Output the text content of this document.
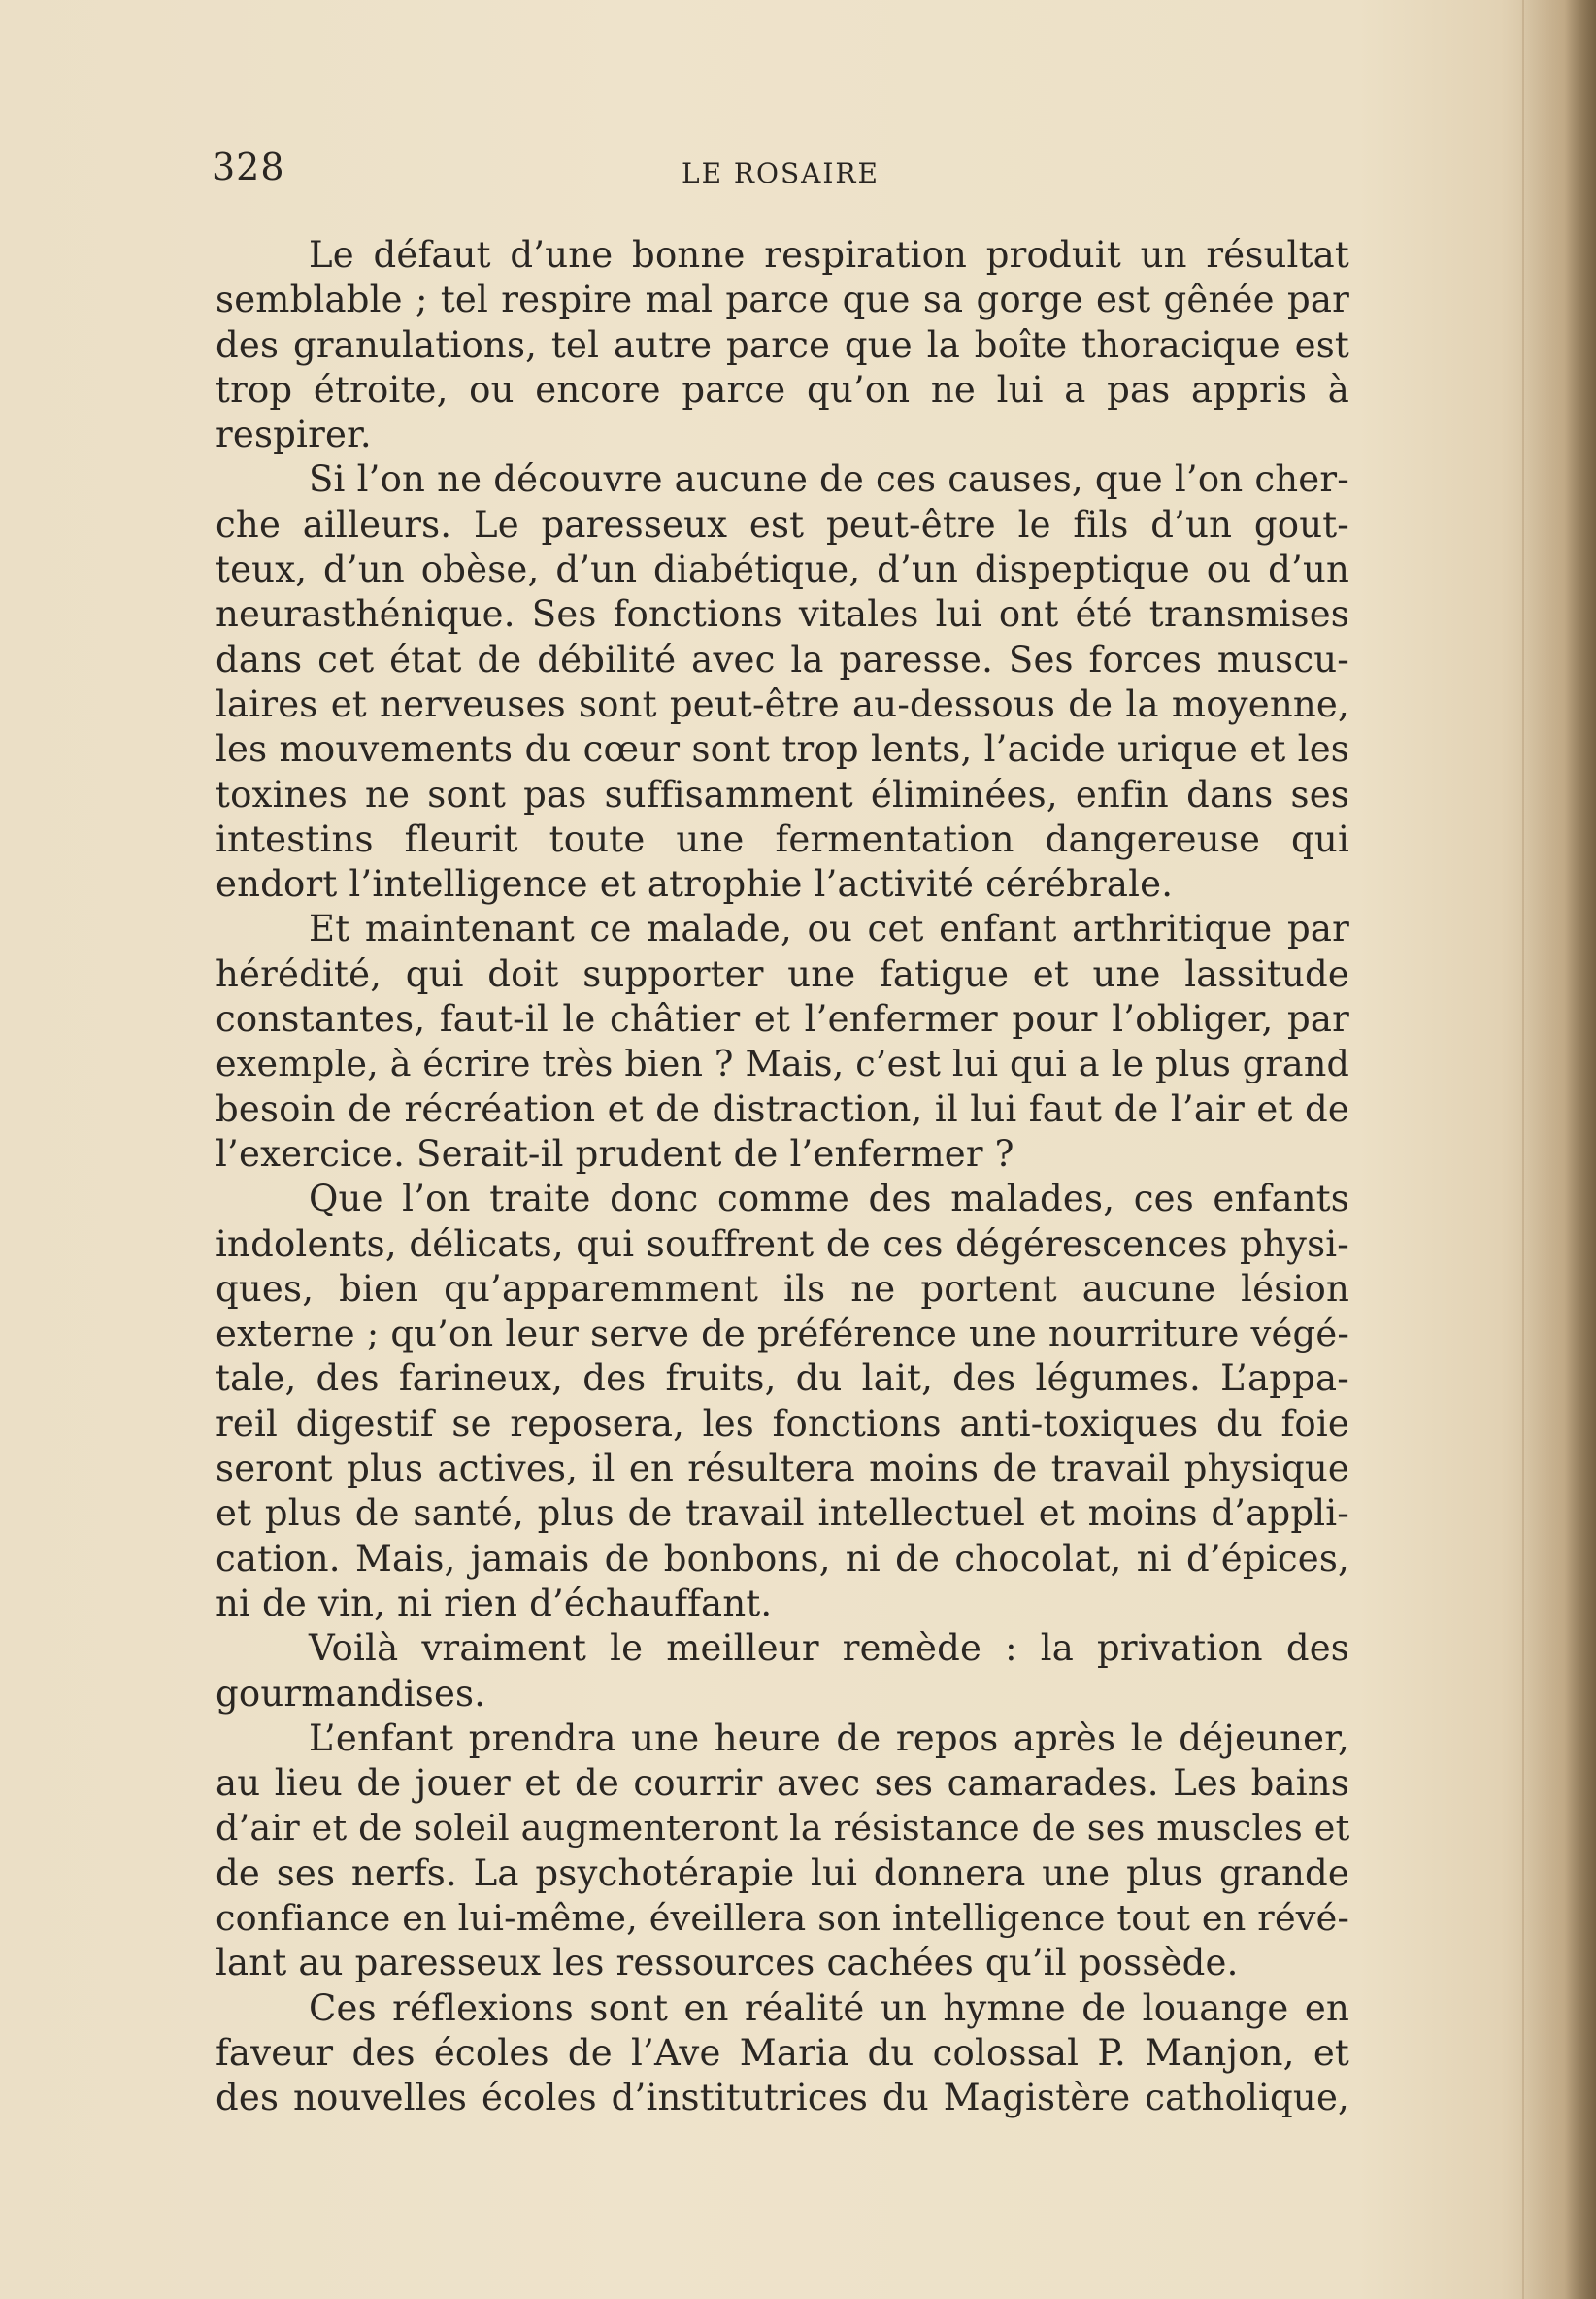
328	LE ROSAIRE
Le défaut d’une bonne respiration produit un résultat
semblable ; tel respire mal parce que sa gorge est gênée par
des granulations, tel autre parce que la boîte thoracique est
trop étroite, ou encore parce qu’on ne lui a pas appris à
respirer.
Si l’on ne découvre aucune de ces causes, que l’on cher-
che ailleurs. Le paresseux est peut-être le fils d’un gout-
teux, d’un obèse, d’un diabétique, d’un dispeptique ou d’un
neurasthénique. Ses fonctions vitales lui ont été transmises
dans cet état de débilité avec la paresse. Ses forces muscu-
laires et nerveuses sont peut-être au-dessous de la moyenne,
les mouvements du cœur sont trop lents, l’acide urique et les
toxines ne sont pas suffisamment éliminées, enfin dans ses
intestins fleurit toute une fermentation dangereuse qui
endort l’intelligence et atrophie l’activité cérébrale.
Et maintenant ce malade, ou cet enfant arthritique par
hérédité, qui doit supporter une fatigue et une lassitude
constantes, faut-il le châtier et l’enfermer pour l’obliger, par
exemple, à écrire très bien ? Mais, c’est lui qui a le plus grand
besoin de récréation et de distraction, il lui faut de l’air et de
l’exercice. Serait-il prudent de l’enfermer ?
Que l’on traite donc comme des malades, ces enfants
indolents, délicats, qui souffrent de ces dégérescences physi-
ques, bien qu’apparemment ils ne portent aucune lésion
externe ; qu’on leur serve de préférence une nourriture végé-
tale, des farineux, des fruits, du lait, des légumes. L’appa-
reil digestif se reposera, les fonctions anti-toxiques du foie
seront plus actives, il en résultera moins de travail physique
et plus de santé, plus de travail intellectuel et moins d’appli-
cation. Mais, jamais de bonbons, ni de chocolat, ni d’épices,
ni de vin, ni rien d’échauffant.
Voilà vraiment le meilleur remède : la privation des
gourmandises.
L’enfant prendra une heure de repos après le déjeuner,
au lieu de jouer et de courrir avec ses camarades. Les bains
d’air et de soleil augmenteront la résistance de ses muscles et
de ses nerfs. La psychotérapie lui donnera une plus grande
confiance en lui-même, éveillera son intelligence tout en révé-
lant au paresseux les ressources cachées qu’il possède.
Ces réflexions sont en réalité un hymne de louange en
faveur des écoles de l’Ave Maria du colossal P. Manjon, et
des nouvelles écoles d’institutrices du Magistère catholique,
